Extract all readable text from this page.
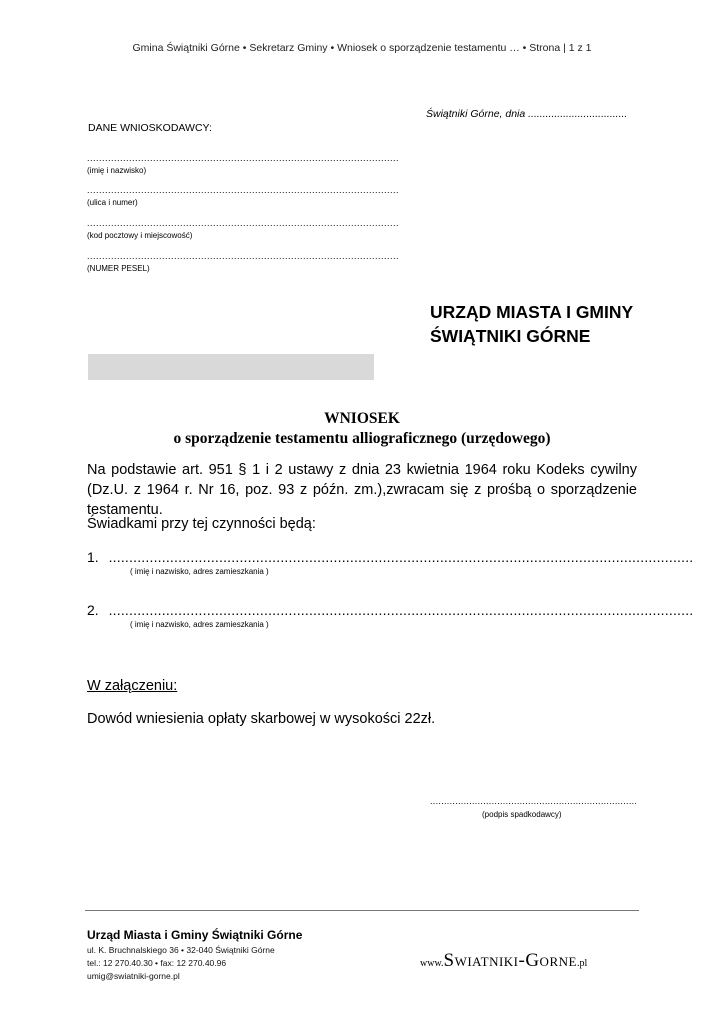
Gmina Świątniki Górne • Sekretarz Gminy • Wniosek o sporządzenie testamentu … • Strona | 1 z 1
Świątniki Górne, dnia ..................................
DANE WNIOSKODAWCY:
........................................................................................................
(imię i nazwisko)
........................................................................................................
(ulica i numer)
........................................................................................................
(kod pocztowy i miejscowość)
........................................................................................................
(NUMER PESEL)
URZĄD MIASTA I GMINY
ŚWIĄTNIKI GÓRNE
WNIOSEK
o sporządzenie testamentu alliograficznego (urzędowego)
Na podstawie art. 951 § 1 i 2 ustawy z dnia 23 kwietnia 1964 roku Kodeks cywilny (Dz.U. z 1964 r. Nr 16, poz. 93 z późn. zm.),zwracam się z prośbą o sporządzenie testamentu.
Świadkami przy tej czynności będą:
1. ...............................................................................................................................................
( imię i nazwisko, adres zamieszkania )
2. ...............................................................................................................................................
( imię i nazwisko, adres zamieszkania )
W załączeniu:
Dowód wniesienia opłaty skarbowej w wysokości 22zł.
..........................................................................
(podpis spadkodawcy)
Urząd Miasta i Gminy Świątniki Górne
ul. K. Bruchnalskiego 36 • 32-040 Świątniki Górne
tel.: 12 270.40.30 • fax: 12 270.40.96
umig@swiatniki-gorne.pl
www.Swiatniki-Gorne.pl
